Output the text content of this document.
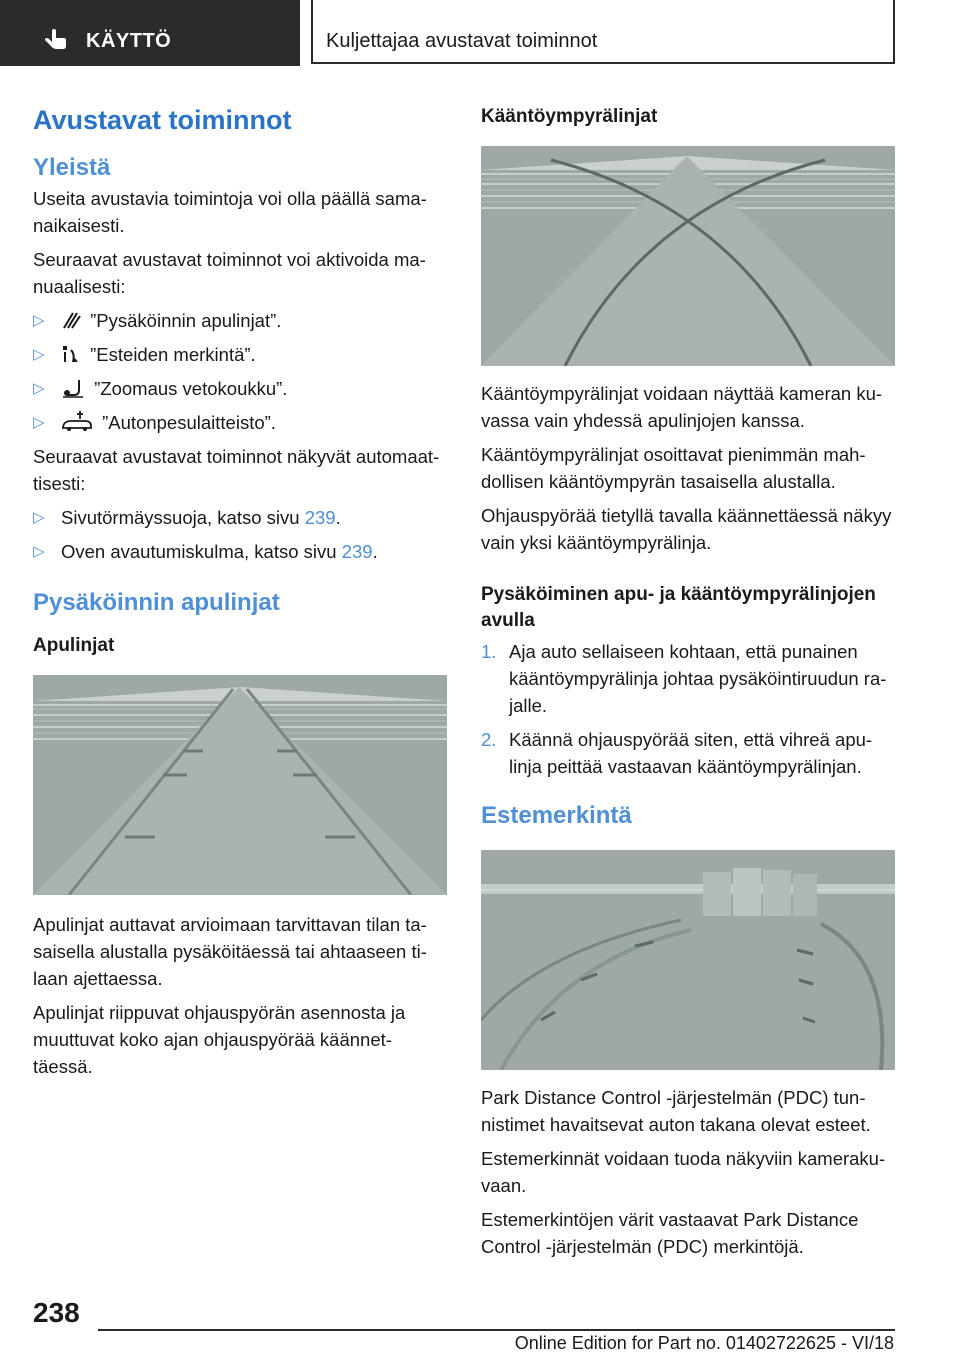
KÄYTTÖ	Kuljettajaa avustavat toiminnot
Avustavat toiminnot
Yleistä

Useita avustavia toimintoja voi olla päällä sama-naikaisesti.

Seuraavat avustavat toiminnot voi aktivoida ma-nuaalisesti:

▷ ”Pysäköinnin apulinjat”.
▷ ”Esteiden merkintä”.
▷	”Zoomaus vetokoukku”.
▷	”Autonpesulaitteisto”.

Seuraavat avustavat toiminnot näkyvät automaat-tisesti:

▷ Sivutörmäyssuoja, katso sivu 239.
▷ Oven avautumiskulma, katso sivu 239.
Pysäköinnin apulinjat
Apulinjat

Apulinjat auttavat arvioimaan tarvittavan tilan ta-saisella alustalla pysäköitäessä tai ahtaaseen ti-laan ajettaessa.

Apulinjat riippuvat ohjauspyörän asennosta ja muuttuvat koko ajan ohjauspyörää käännet-täessä.

Kääntöympyrälinjat

Kääntöympyrälinjat voidaan näyttää kameran ku-vassa vain yhdessä apulinjojen kanssa.

Kääntöympyrälinjat osoittavat pienimmän mah-dollisen kääntöympyrän tasaisella alustalla.

Ohjauspyörää tietyllä tavalla käännettäessä näkyy vain yksi kääntöympyrälinja.

Pysäköiminen apu- ja kääntöympyrälinjojen avulla
1. Aja auto sellaiseen kohtaan, että punainen kääntöympyrälinja johtaa pysäköintiruudun ra-jalle.
2. Käännä ohjauspyörää siten, että vihreä apu-linja peittää vastaavan kääntöympyrälinjan.
Estemerkintä

Park Distance Control -järjestelmän (PDC) tun-nistimet havaitsevat auton takana olevat esteet.

Estemerkinnät voidaan tuoda näkyviin kameraku-vaan.

Estemerkintöjen värit vastaavat Park Distance Control -järjestelmän (PDC) merkintöjä.

238
Online Edition for Part no. 01402722625 - VI/18
